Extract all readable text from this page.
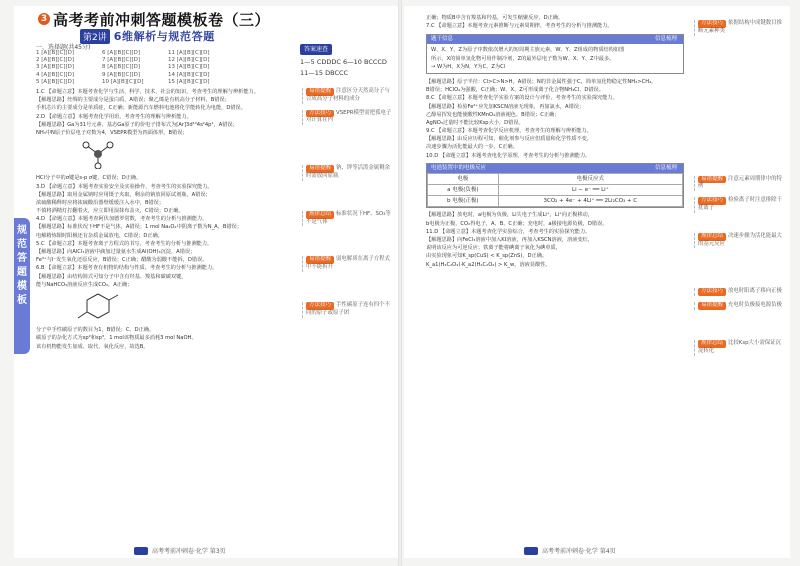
规范答题模板
3 高考考前冲刺答题模板卷（三）
第2讲 6维解析与规范答题
一、选择题(共45分)
1 [A][B][C][D]	6 [A][B][C][D]	11 [A][B][C][D]
2 [A][B][C][D]	7 [A][B][C][D]	12 [A][B][C][D]
3 [A][B][C][D]	8 [A][B][C][D]	13 [A][B][C][D]
4 [A][B][C][D]	9 [A][B][C][D]	14 [A][B][C][D]
5 [A][B][C][D]	10 [A][B][C][D]	15 [A][B][C][D]
答案速查
1—5 CDDDC 6—10 BCCCD
11—15 DBCCC
1.C 【命题立意】本题考查化学与生活、科学、技术、社会的知识，考查考生的理解与辨析能力。
【解题思路】丝绸的主要成分是蛋白质，A错误；聚乙烯是有机高分子材料，B错误；
手机芯片的主要成分是单质硅，C正确；新能源汽车燃料电池将化学能转化为电能，D错误。
2.D 【命题立意】本题考查化学用语，考查考生的理解与辨析能力。
【解题思路】Ga为31号元素，基态Ga原子的价电子排布式为[Ar]3d¹⁰4s²4p¹，A错误；
NH₃中N原子价层电子对数为4，VSEPR模型为四面体形，B错误；
HCl分子中的σ键是s-p σ键，C错误；D正确。
3.D 【命题立意】本题考查实验安全及实验操作，考查考生的实验探究能力。
【解题思路】取用金属钠时应用镊子夹取，剩余的钠放回原试剂瓶，A错误；
浓硫酸稀释时应将浓硫酸沿器壁缓缓注入水中，B错误；
不慎将酒精灯打翻着火，应立即用湿抹布盖灭，C错误；D正确。
4.D 【命题立意】本题考查阿伏加德罗常数，考查考生的分析与推测能力。
【解题思路】标准状况下HF不是气体，A错误；1 mol Na₂O₂中阴离子数为N_A，B错误；
电解精炼铜时阳极还有杂质金属放电，C错误；D正确。
5.C 【命题立意】本题考查离子方程式的书写，考查考生的分析与推测能力。
【解题思路】向AlCl₃溶液中滴加过量氨水生成Al(OH)₃沉淀，A错误；
Fe³⁺与I⁻发生氧化还原反应，B错误；C正确；醋酸为弱酸不能拆，D错误。
6.B 【命题立意】本题考查有机物的结构与性质，考查考生的分析与推测能力。
【解题思路】由结构简式可知分子中含有羟基、羧基和碳碳双键，
能与NaHCO₃溶液反应生成CO₂，A正确；
分子中手性碳原子的数目为1，B错误；C、D正确。
碳原子的杂化方式为sp²和sp³，1 mol该物质最多消耗3 mol NaOH。
该有机物能发生加成、取代、氧化反应，故选B。
易错提醒 注意区分天然高分子与合成高分子材料的成分
方法技巧 VSEPR模型需把孤电子对计算在内
易错提醒 钠、钾等活泼金属剩余时需放回原瓶
规律总结 标准状况下HF、SO₃等不是气体
易错提醒 弱电解质在离子方程式中不能拆开
方法技巧 手性碳原子连有四个不同的原子或原子团
高考考前冲刺卷·化学 第3页
正确；物质B中含有羧基和羟基，可发生缩聚反应，D正确。
7.C 【命题立意】本题考查元素推断与元素周期律，考查考生的分析与推测能力。
题干信息	信息梳理
W、X、Y、Z为原子序数依次增大的短周期主族元素，W、Y、Z组成的物质结构如图
所示，X的简单氢化物可用作制冷剂，Z的最外层电子数为W、X、Y、Z中最多。
→ W为H，X为N，Y为C，Z为Cl
【解题思路】原子半径：Cl>C>N>H，A错误；N的非金属性强于C，简单氢化物稳定性NH₃>CH₄，
B错误；HClO₄为强酸，C正确；W、X、Z可形成离子化合物NH₄Cl，D错误。
8.C 【命题立意】本题考查化学实验方案的设计与评价，考查考生的实验探究能力。
【解题思路】检验Fe²⁺应先加KSCN溶液无现象，再加氯水，A错误；
乙醇易挥发也能使酸性KMnO₄溶液褪色，B错误；C正确；
AgNO₃过量时不能比较Ksp大小，D错误。
9.C 【命题立意】本题考查化学反应机理，考查考生的理解与辨析能力。
【解题思路】由反应历程可知，催化剂参与反应但质量和化学性质不变，
决速步骤为活化能最大的一步，C正确。
10.D 【命题立意】本题考查电化学原理，考查考生的分析与推测能力。
电池装置中的电极反应	信息梳理
电极	电极反应式
a 电极(负极)	Li − e⁻ ══ Li⁺
b 电极(正极)	3CO₂ + 4e⁻ + 4Li⁺ ══ 2Li₂CO₃ + C
【解题思路】放电时，a电极为负极，Li失电子生成Li⁺，Li⁺向正极移动，
b电极为正极，CO₂得电子，A、B、C正确；充电时，a极接电源负极，D错误。
11.D 【命题立意】本题考查化学实验综合，考查考生的实验探究能力。
【解题思路】向FeCl₃溶液中加入KI溶液，再加入KSCN溶液，溶液变红，
说明该反应为可逆反应；铁离子能将碘离子氧化为碘单质，
由实验现象可知K_sp(CuS) < K_sp(ZnS)，D正确。
K_a1(H₂C₂O₄)·K_a2(H₂C₂O₄) > K_w，溶液显酸性。
方法技巧 依据结构中成键数目推断元素种类
易错提醒 注意元素周期律中的特例
方法技巧 检验离子时注意排除干扰离子
规律总结 决速步骤为活化能最大的基元反应
方法技巧 放电时阳离子移向正极
易错提醒 充电时负极接电源负极
规律总结 比较Ksp大小需保证沉淀转化
高考考前冲刺卷·化学 第4页
